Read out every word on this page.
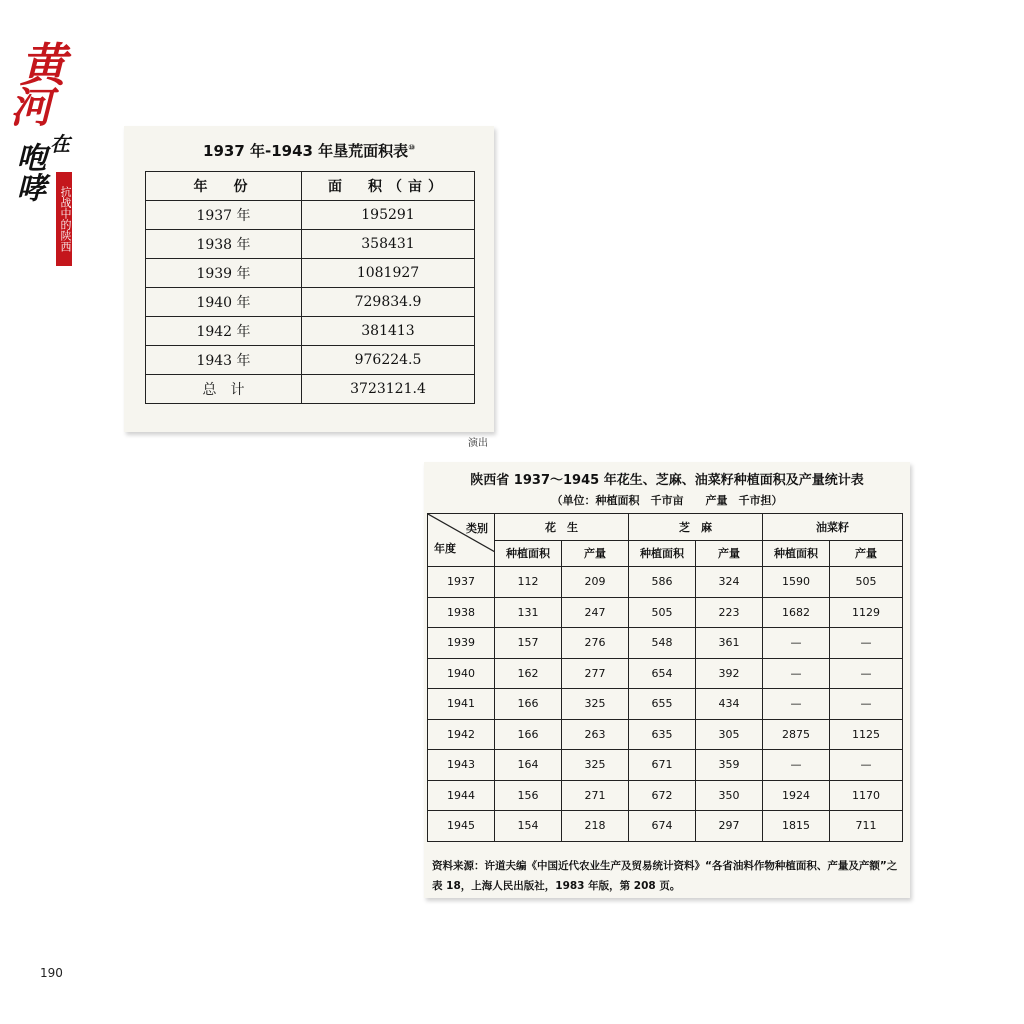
黄
河
在
咆哮
抗战中的陕西
1937 年-1943 年垦荒面积表⑩
年　份	面　积（亩）
1937 年	195291
1938 年	358431
1939 年	1081927
1940 年	729834.9
1942 年	381413
1943 年	976224.5
总　计	3723121.4
演出
陕西省 1937～1945 年花生、芝麻、油菜籽种植面积及产量统计表
（单位：种植面积　千市亩　　产量　千市担）
类别
年度	花　生		芝　麻		油菜籽	
	种植面积	产量	种植面积	产量	种植面积	产量
1937	112	209	586	324	1590	505
1938	131	247	505	223	1682	1129
1939	157	276	548	361	—	—
1940	162	277	654	392	—	—
1941	166	325	655	434	—	—
1942	166	263	635	305	2875	1125
1943	164	325	671	359	—	—
1944	156	271	672	350	1924	1170
1945	154	218	674	297	1815	711
资料来源：许道夫编《中国近代农业生产及贸易统计资料》“各省油料作物种植面积、产量及产额”之表 18，上海人民出版社，1983 年版，第 208 页。
190
